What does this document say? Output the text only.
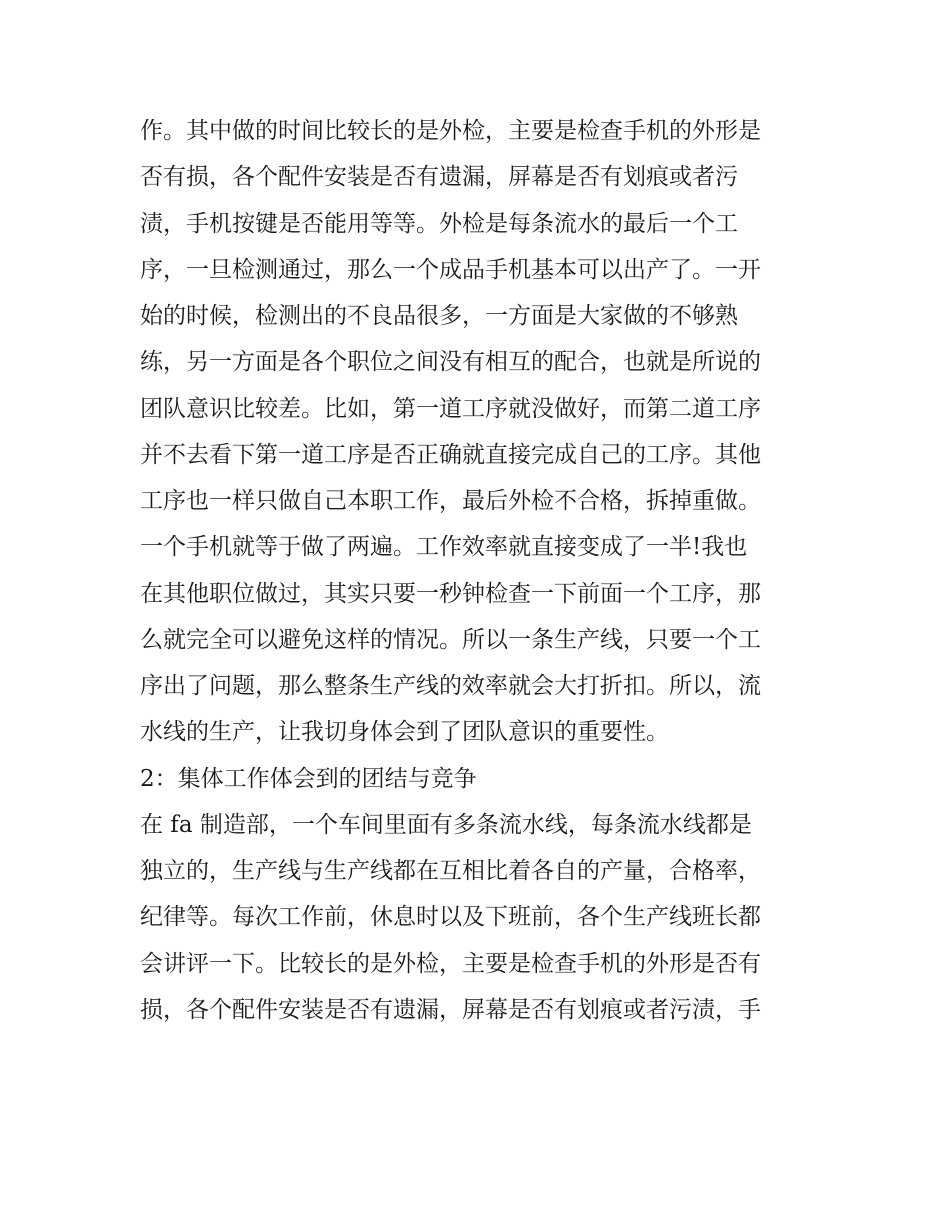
作。其中做的时间比较长的是外检，主要是检查手机的外形是
否有损，各个配件安装是否有遗漏，屏幕是否有划痕或者污
渍，手机按键是否能用等等。外检是每条流水的最后一个工
序，一旦检测通过，那么一个成品手机基本可以出产了。一开
始的时候，检测出的不良品很多，一方面是大家做的不够熟
练，另一方面是各个职位之间没有相互的配合，也就是所说的
团队意识比较差。比如，第一道工序就没做好，而第二道工序
并不去看下第一道工序是否正确就直接完成自己的工序。其他
工序也一样只做自己本职工作，最后外检不合格，拆掉重做。
一个手机就等于做了两遍。工作效率就直接变成了一半!我也
在其他职位做过，其实只要一秒钟检查一下前面一个工序，那
么就完全可以避免这样的情况。所以一条生产线，只要一个工
序出了问题，那么整条生产线的效率就会大打折扣。所以，流
水线的生产，让我切身体会到了团队意识的重要性。
2：集体工作体会到的团结与竞争
在 fa 制造部，一个车间里面有多条流水线，每条流水线都是
独立的，生产线与生产线都在互相比着各自的产量，合格率，
纪律等。每次工作前，休息时以及下班前，各个生产线班长都
会讲评一下。比较长的是外检，主要是检查手机的外形是否有
损，各个配件安装是否有遗漏，屏幕是否有划痕或者污渍，手
